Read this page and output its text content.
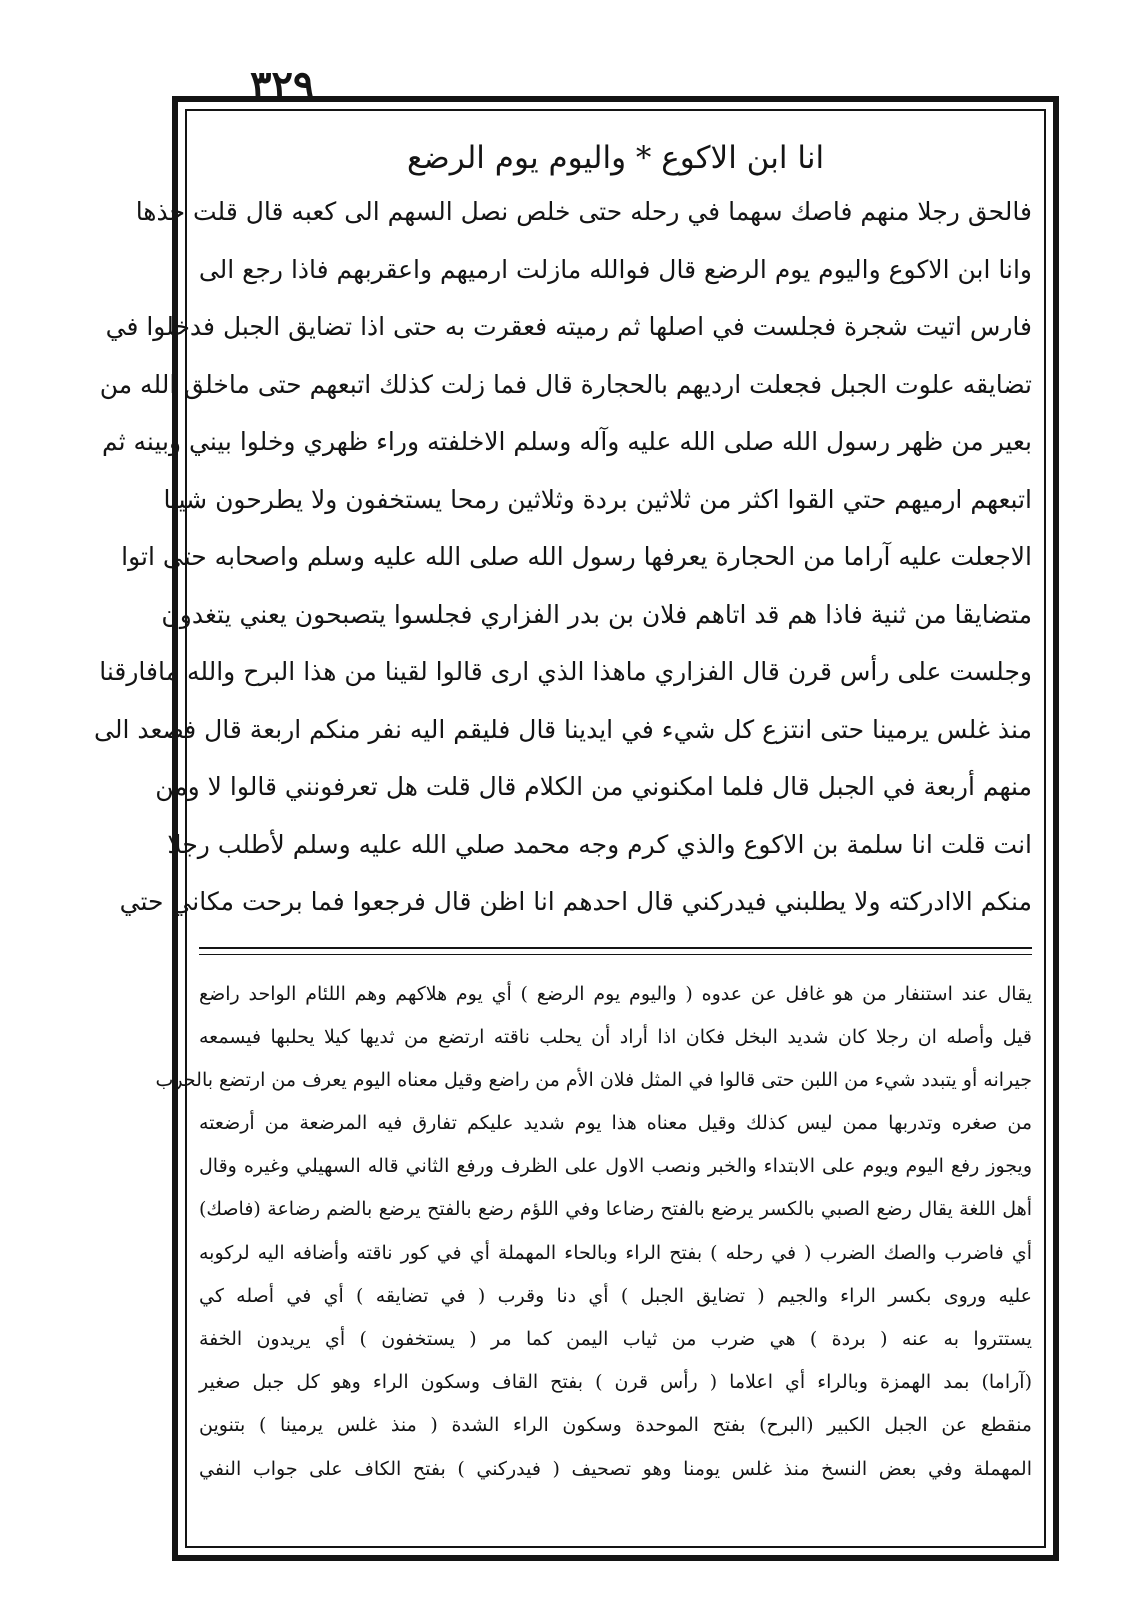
٣٢٩
انا ابن الاكوع * واليوم يوم الرضع
فالحق رجلا منهم فاصك سهما في رحله حتى خلص نصل السهم الى كعبه قال قلت خذها
وانا ابن الاكوع واليوم يوم الرضع قال فوالله مازلت ارميهم واعقربهم فاذا رجع الى
فارس اتيت شجرة فجلست في اصلها ثم رميته فعقرت به حتى اذا تضايق الجبل فدخلوا في
تضايقه علوت الجبل فجعلت ارديهم بالحجارة قال فما زلت كذلك اتبعهم حتى ماخلق الله من
بعير من ظهر رسول الله صلى الله عليه وآله وسلم الاخلفته وراء ظهري وخلوا بيني وبينه ثم
اتبعهم ارميهم حتي القوا اكثر من ثلاثين بردة وثلاثين رمحا يستخفون ولا يطرحون شيئا
الاجعلت عليه آراما من الحجارة يعرفها رسول الله صلى الله عليه وسلم واصحابه حتى اتوا
متضايقا من ثنية فاذا هم قد اتاهم فلان بن بدر الفزاري فجلسوا يتصبحون يعني يتغدون
وجلست على رأس قرن قال الفزاري ماهذا الذي ارى قالوا لقينا من هذا البرح والله مافارقنا
منذ غلس يرمينا حتى انتزع كل شيء في ايدينا قال فليقم اليه نفر منكم اربعة قال فصعد الى
منهم أربعة في الجبل قال فلما امكنوني من الكلام قال قلت هل تعرفونني قالوا لا ومن
انت قلت انا سلمة بن الاكوع والذي كرم وجه محمد صلي الله عليه وسلم لأطلب رجلا
منكم الاادركته ولا يطلبني فيدركني قال احدهم انا اظن قال فرجعوا فما برحت مكاني حتي
يقال عند استنفار من هو غافل عن عدوه ( واليوم يوم الرضع ) أي يوم هلاكهم وهم اللئام الواحد راضع
قيل وأصله ان رجلا كان شديد البخل فكان اذا أراد أن يحلب ناقته ارتضع من ثديها كيلا يحلبها فيسمعه
جيرانه أو يتبدد شيء من اللبن حتى قالوا في المثل فلان الأم من راضع وقيل معناه اليوم يعرف من ارتضع بالحرب
من صغره وتدربها ممن ليس كذلك وقيل معناه هذا يوم شديد عليكم تفارق فيه المرضعة من أرضعته
ويجوز رفع اليوم ويوم على الابتداء والخبر ونصب الاول على الظرف ورفع الثاني قاله السهيلي وغيره وقال
أهل اللغة يقال رضع الصبي بالكسر يرضع بالفتح رضاعا وفي اللؤم رضع بالفتح يرضع بالضم رضاعة (فاصك)
أي فاضرب والصك الضرب ( في رحله ) بفتح الراء وبالحاء المهملة أي في كور ناقته وأضافه اليه لركوبه
عليه وروى بكسر الراء والجيم ( تضايق الجبل ) أي دنا وقرب ( في تضايقه ) أي في أصله كي
يستتروا به عنه ( بردة ) هي ضرب من ثياب اليمن كما مر ( يستخفون ) أي يريدون الخفة
(آراما) بمد الهمزة وبالراء أي اعلاما ( رأس قرن ) بفتح القاف وسكون الراء وهو كل جبل صغير
منقطع عن الجبل الكبير (البرح) بفتح الموحدة وسكون الراء الشدة ( منذ غلس يرمينا ) بتنوين
المهملة وفي بعض النسخ منذ غلس يومنا وهو تصحيف ( فيدركني ) بفتح الكاف على جواب النفي
